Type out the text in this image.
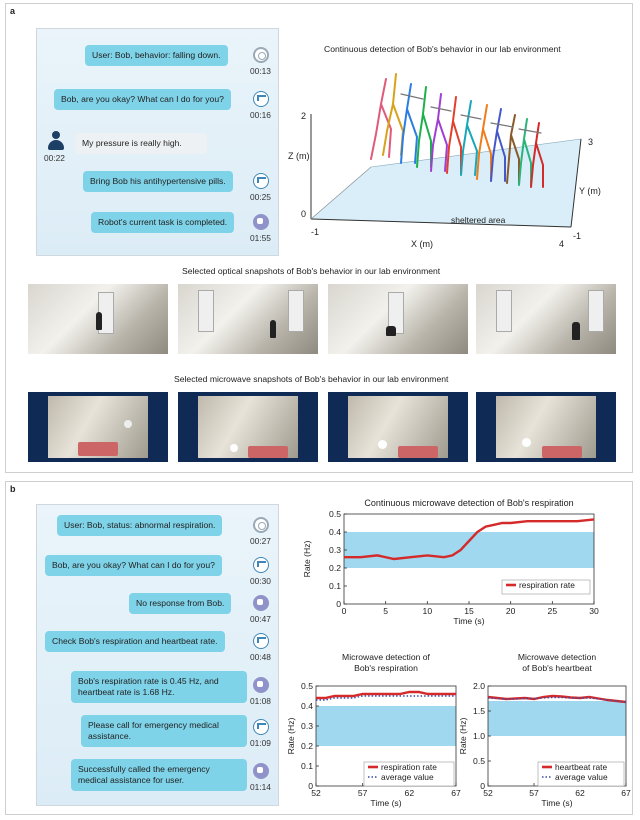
a
User: Bob, behavior: falling down.
00:13
Bob, are you okay? What can I do for you?
00:16
My pressure is really high.
00:22
Bring Bob his antihypertensive pills.
00:25
Robot's current task is completed.
01:55
Continuous detection of Bob's behavior in our lab environment
Z (m)
2
0
-1
4
-1
3
X (m)
Y (m)
sheltered area
Selected optical snapshots of Bob's behavior in our lab environment
Selected microwave snapshots of Bob's behavior in our lab environment
b
User: Bob, status: abnormal respiration.
00:27
Bob, are you okay? What can I do for you?
00:30
No response from Bob.
00:47
Check Bob's respiration and heartbeat rate.
00:48
Bob's respiration rate is 0.45 Hz, and heartbeat rate is 1.68 Hz.
01:08
Please call for emergency medical assistance.
01:09
Successfully called the emergency medical assistance for user.
01:14
Continuous microwave detection of Bob's respiration
0
0.1
0.2
0.3
0.4
0.5
0	5	10	15	20	25	30
Time (s)
Rate (Hz)
respiration rate
Microwave detection of
Bob's respiration
0
0.1
0.2
0.3
0.4
0.5
52	57	62	67
Time (s)
Rate (Hz)
respiration rate
average value
Microwave detection
of Bob's heartbeat
0
0.5
1.0
1.5
2.0
52	57	62	67
Time (s)
Rate (Hz)
heartbeat rate
average value
